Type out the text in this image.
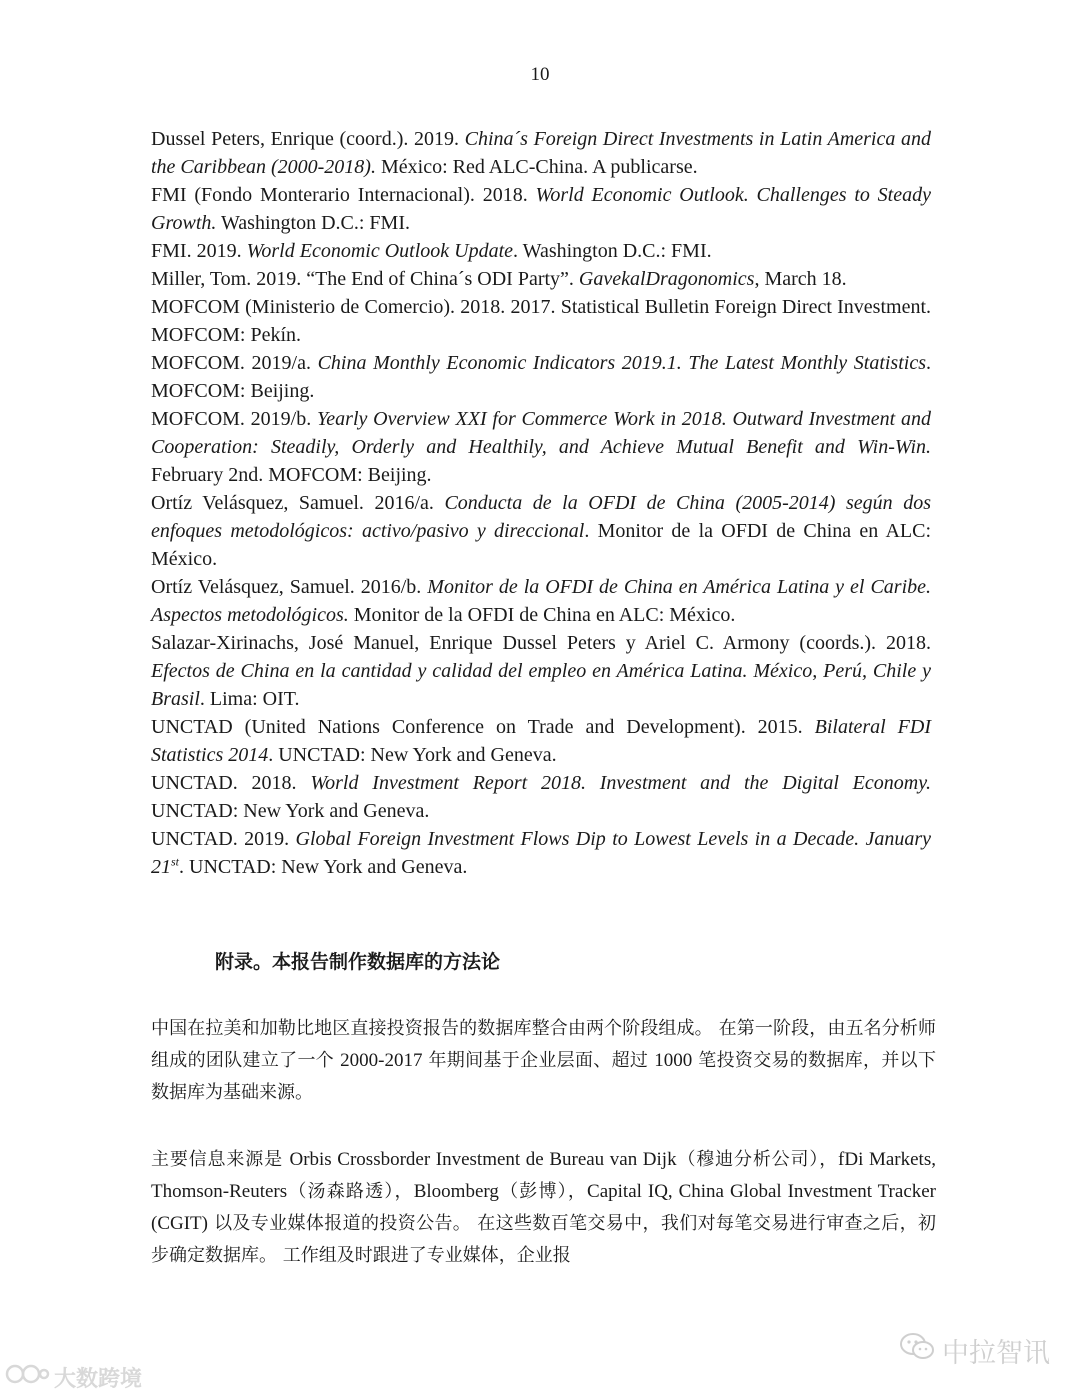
10

Dussel Peters, Enrique (coord.). 2019. China´s Foreign Direct Investments in Latin America and the Caribbean (2000-2018). México: Red ALC-China. A publicarse.

FMI (Fondo Monterario Internacional). 2018. World Economic Outlook. Challenges to Steady Growth. Washington D.C.: FMI.

FMI. 2019. World Economic Outlook Update. Washington D.C.: FMI.

Miller, Tom. 2019. “The End of China´s ODI Party”. GavekalDragonomics, March 18.

MOFCOM (Ministerio de Comercio). 2018. 2017. Statistical Bulletin Foreign Direct Investment. MOFCOM: Pekín.

MOFCOM. 2019/a. China Monthly Economic Indicators 2019.1. The Latest Monthly Statistics. MOFCOM: Beijing.

MOFCOM. 2019/b. Yearly Overview XXI for Commerce Work in 2018. Outward Investment and Cooperation: Steadily, Orderly and Healthily, and Achieve Mutual Benefit and Win-Win. February 2nd. MOFCOM: Beijing.

Ortíz Velásquez, Samuel. 2016/a. Conducta de la OFDI de China (2005-2014) según dos enfoques metodológicos: activo/pasivo y direccional. Monitor de la OFDI de China en ALC: México.

Ortíz Velásquez, Samuel. 2016/b. Monitor de la OFDI de China en América Latina y el Caribe. Aspectos metodológicos. Monitor de la OFDI de China en ALC: México.

Salazar-Xirinachs, José Manuel, Enrique Dussel Peters y Ariel C. Armony (coords.). 2018. Efectos de China en la cantidad y calidad del empleo en América Latina. México, Perú, Chile y Brasil. Lima: OIT.

UNCTAD (United Nations Conference on Trade and Development). 2015. Bilateral FDI Statistics 2014. UNCTAD: New York and Geneva.

UNCTAD. 2018. World Investment Report 2018. Investment and the Digital Economy. UNCTAD: New York and Geneva.

UNCTAD. 2019. Global Foreign Investment Flows Dip to Lowest Levels in a Decade. January 21st. UNCTAD: New York and Geneva.

附录。本报告制作数据库的方法论

中国在拉美和加勒比地区直接投资报告的数据库整合由两个阶段组成。 在第一阶段，由五名分析师组成的团队建立了一个 2000-2017 年期间基于企业层面、超过 1000 笔投资交易的数据库，并以下数据库为基础来源。

主要信息来源是 Orbis Crossborder Investment de Bureau van Dijk（穆迪分析公司），fDi Markets, Thomson-Reuters（汤森路透），Bloomberg（彭博），Capital IQ, China Global Investment Tracker (CGIT) 以及专业媒体报道的投资公告。 在这些数百笔交易中，我们对每笔交易进行审查之后，初步确定数据库。 工作组及时跟进了专业媒体，企业报

中拉智讯
大数跨境
